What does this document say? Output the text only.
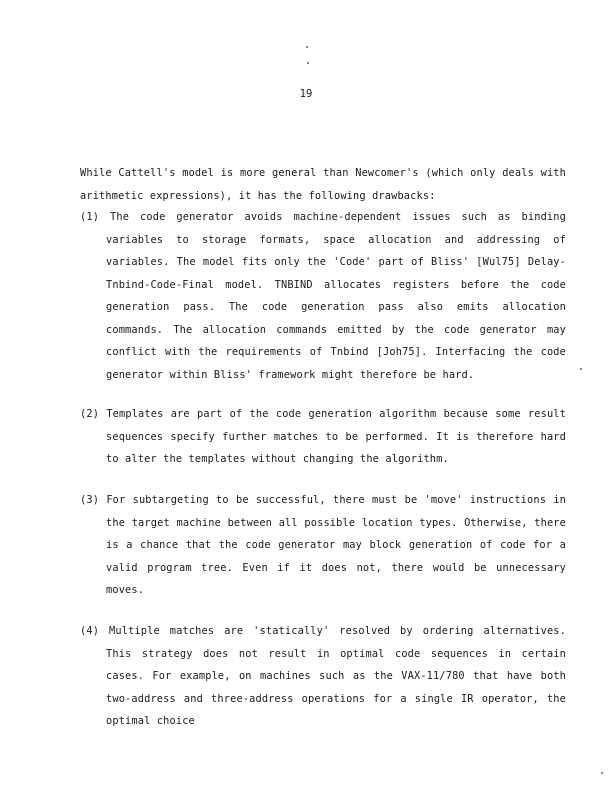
19
While Cattell's model is more general than Newcomer's (which only deals with arithmetic expressions), it has the following drawbacks:
(1) The code generator avoids machine-dependent issues such as binding variables to storage formats, space allocation and addressing of variables. The model fits only the 'Code' part of Bliss' [Wul75] Delay-Tnbind-Code-Final model. TNBIND allocates registers before the code generation pass. The code generation pass also emits allocation commands. The allocation commands emitted by the code generator may conflict with the requirements of Tnbind [Joh75]. Interfacing the code generator within Bliss' framework might therefore be hard.
(2) Templates are part of the code generation algorithm because some result sequences specify further matches to be performed. It is therefore hard to alter the templates without changing the algorithm.
(3) For subtargeting to be successful, there must be 'move' instructions in the target machine between all possible location types. Otherwise, there is a chance that the code generator may block generation of code for a valid program tree. Even if it does not, there would be unnecessary moves.
(4) Multiple matches are 'statically' resolved by ordering alternatives. This strategy does not result in optimal code sequences in certain cases. For example, on machines such as the VAX-11/780 that have both two-address and three-address operations for a single IR operator, the optimal choice
